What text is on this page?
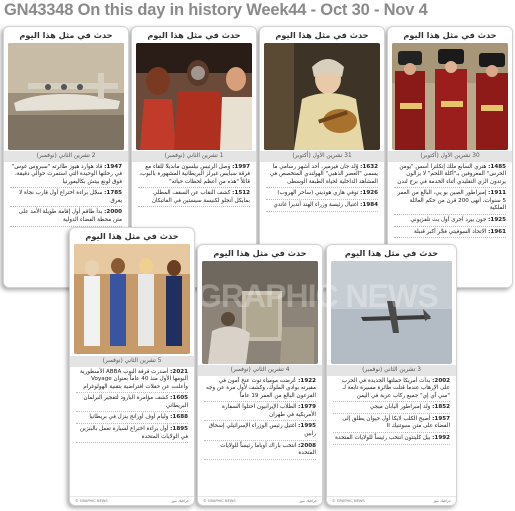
GN43348 On this day in history Week44 - Oct 30 - Nov 4
حدث في مثل هذا اليوم
30 تشرين الأول (أكتوبر)
1485: هنري السابع ملك إنكلترا أسس "يومن الحرس" المعروفين بـ"أكلة اللحم" لا يزالون يرتدون الزي التقليدي أثناء الخدمة في برج لندن
1911: إمبراطور الصين بو يي، البالغ من العمر 5 سنوات، أنهى 200 قرن من حكم العائلة الملكية
1925: جون بيرد أجرى أول بث تلفزيوني
1961: الاتحاد السوفيتي فجّر أكبر قنبلة
حدث في مثل هذا اليوم
31 تشرين الأول (أكتوبر)
1632: وُلد جان فيرمير، أحد أشهر رسامي ما يسمى "العصر الذهبي" الهولندي المتخصص في المشاهد الداخلية لحياة الطبقة الوسطى
1926: توفي هاري هوديني (ساحر الهروب)
1984: اغتيال رئيسة وزراء الهند أنديرا غاندي
حدث في مثل هذا اليوم
1 تشرين الثاني (نوفمبر)
1997: وصل الرئيس نيلسون مانديلا للقاء مع فرقة سبايس غيرلز البريطانية المشهورة بالبوب، قائلاً "هذه من أعظم لحظات حياته"
1512: كشف النقاب عن السقف المطلي بمايكل أنجلو لكنيسة سيستين في الفاتيكان
حدث في مثل هذا اليوم
2 تشرين الثاني (نوفمبر)
1947: قاد هوارد هيوز طائرته "سبروس غوس" في رحلتها الوحيدة التي استمرت حوالي دقيقة، فوق لونغ بيتش بكاليفورنيا
1785: سجّل براءة اختراع أول قارب نجاة لا يغرق
2000: بدأ طاقم أول إقامة طويلة الأمد على متن محطة الفضاء الدولية
حدث في مثل هذا اليوم
3 تشرين الثاني (نوفمبر)
2002: بدأت أمريكا حملتها الجديدة في الحرب على الإرهاب عندما قتلت طائرة مسيرة تابعة لـ "سي آي إي" جميع ركاب عربة في اليمن
1852: ولد إمبراطور اليابان ميجي
1957: أصبح الكلب لايكا أول حيوان يطلق إلى الفضاء على متن سبوتنيك II
1992: بيل كلينتون انتخب رئيساً للولايات المتحدة
جرافيك نيوز
© GRAPHIC NEWS
حدث في مثل هذا اليوم
4 تشرين الثاني (نوفمبر)
1922: عُرضت مومياء توت عنخ آمون في مقبرته بوادي الملوك، وكشف لأول مرة عن وجه الفرعون البالغ من العمر 19 عاماً
1979: الطلاب الإيرانيون احتلوا السفارة الأمريكية في طهران
1995: اغتيل رئيس الوزراء الإسرائيلي إسحاق رابين
2008: انتخب باراك أوباما رئيساً للولايات المتحدة
جرافيك نيوز
© GRAPHIC NEWS
حدث في مثل هذا اليوم
5 تشرين الثاني (نوفمبر)
2021: أصدرت فرقة البوب ABBA الأسطورية ألبومها الأول منذ 40 عاماً بعنوان Voyage وأعلنت عن حفلات افتراضية بتقنية الهولوغرام
1605: كشف مؤامرة البارود لتفجير البرلمان البريطاني
1688: وليام أوف أورانج ينزل في بريطانيا
1895: أول براءة اختراع لسيارة تعمل بالبنزين في الولايات المتحدة
جرافيك نيوز
© GRAPHIC NEWS
GRAPHIC NEWS
